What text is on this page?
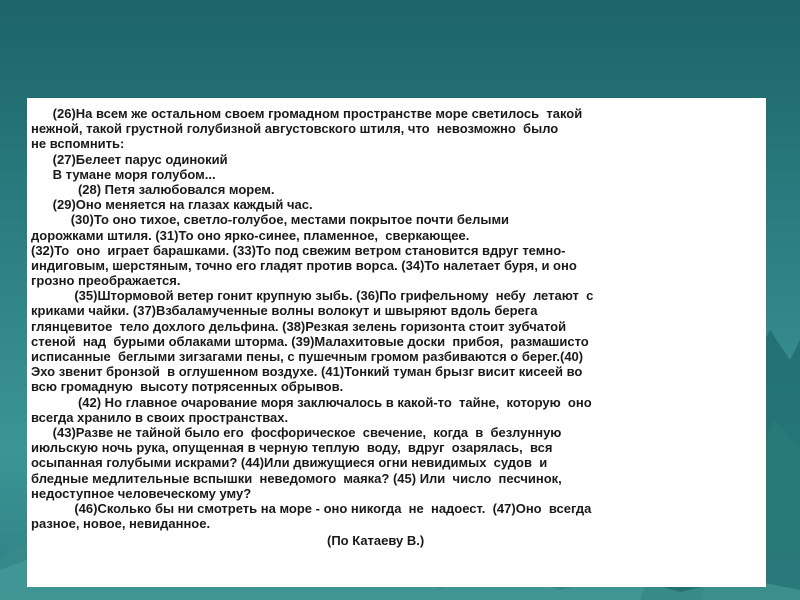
(26)На всем же остальном своем громадном пространстве море светилось  такой
нежной, такой грустной голубизной августовского штиля, что  невозможно  было
не вспомнить:
(27)Белеет парус одинокий
В тумане моря голубом...
(28) Петя залюбовался морем.
(29)Оно меняется на глазах каждый час.
(30)То оно тихое, светло-голубое, местами покрытое почти белыми
дорожками штиля. (31)То оно ярко-синее, пламенное,  сверкающее.
(32)То  оно  играет барашками. (33)То под свежим ветром становится вдруг темно-
индиговым, шерстяным, точно его гладят против ворса. (34)То налетает буря, и оно
грозно преображается.
(35)Штормовой ветер гонит крупную зыбь. (36)По грифельному  небу  летают  с
криками чайки. (37)Взбаламученные волны волокут и швыряют вдоль берега
глянцевитое  тело дохлого дельфина. (38)Резкая зелень горизонта стоит зубчатой
стеной  над  бурыми облаками шторма. (39)Малахитовые доски  прибоя,  размашисто
исписанные  беглыми зигзагами пены, с пушечным громом разбиваются о берег.(40)
Эхо звенит бронзой  в оглушенном воздухе. (41)Тонкий туман брызг висит кисеей во
всю громадную  высоту потрясенных обрывов.
(42) Но главное очарование моря заключалось в какой-то  тайне,  которую  оно
всегда хранило в своих пространствах.
(43)Разве не тайной было его  фосфорическое  свечение,  когда  в  безлунную
июльскую ночь рука, опущенная в черную теплую  воду,  вдруг  озарялась,  вся
осыпанная голубыми искрами? (44)Или движущиеся огни невидимых  судов  и
бледные медлительные вспышки  неведомого  маяка? (45) Или  число  песчинок,
недоступное человеческому уму?
(46)Сколько бы ни смотреть на море - оно никогда  не  надоест.  (47)Оно  всегда
разное, новое, невиданное.
(По Катаеву В.)
